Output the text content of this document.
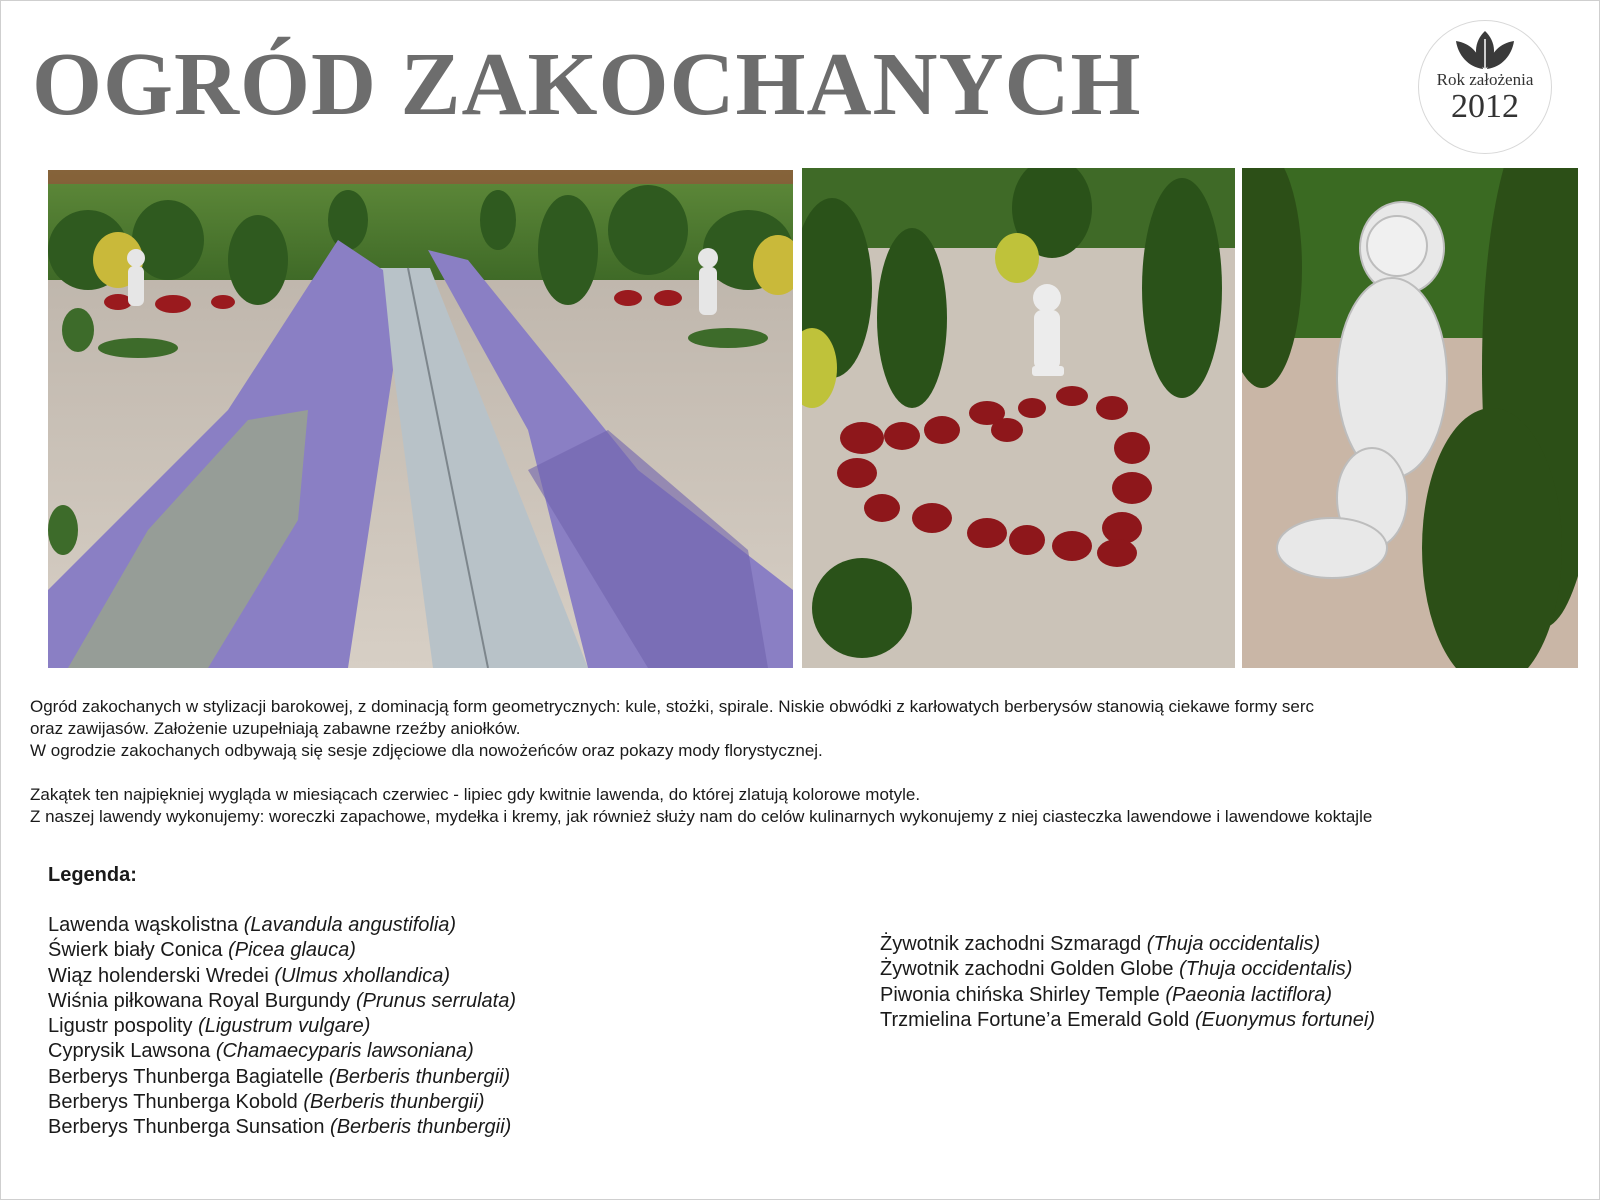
OGRÓD ZAKOCHANYCH	Rok założenia
2012

Ogród zakochanych w stylizacji barokowej, z dominacją form geometrycznych: kule, stożki, spirale. Niskie obwódki z karłowatych berberysów stanowią ciekawe formy serc

oraz zawijasów. Założenie uzupełniają zabawne rzeźby aniołków.

W ogrodzie zakochanych odbywają się sesje zdjęciowe dla nowożeńców oraz pokazy mody florystycznej.

Zakątek ten najpiękniej wygląda w miesiącach czerwiec - lipiec gdy kwitnie lawenda, do której zlatują kolorowe motyle.

Z naszej lawendy wykonujemy: woreczki zapachowe, mydełka i kremy, jak również służy nam do celów kulinarnych wykonujemy z niej ciasteczka lawendowe i lawendowe koktajle

Legenda:
Lawenda wąskolistna (Lavandula angustifolia)
Świerk biały Conica (Picea glauca)
Wiąz holenderski Wredei (Ulmus xhollandica)
Wiśnia piłkowana Royal Burgundy (Prunus serrulata)
Ligustr pospolity (Ligustrum vulgare)
Cyprysik Lawsona (Chamaecyparis lawsoniana)
Berberys Thunberga Bagiatelle (Berberis thunbergii)
Berberys Thunberga Kobold (Berberis thunbergii)
Berberys Thunberga Sunsation (Berberis thunbergii)
Żywotnik zachodni Szmaragd (Thuja occidentalis)
Żywotnik zachodni Golden Globe (Thuja occidentalis)
Piwonia chińska Shirley Temple (Paeonia lactiflora)
Trzmielina Fortune’a Emerald Gold (Euonymus fortunei)
